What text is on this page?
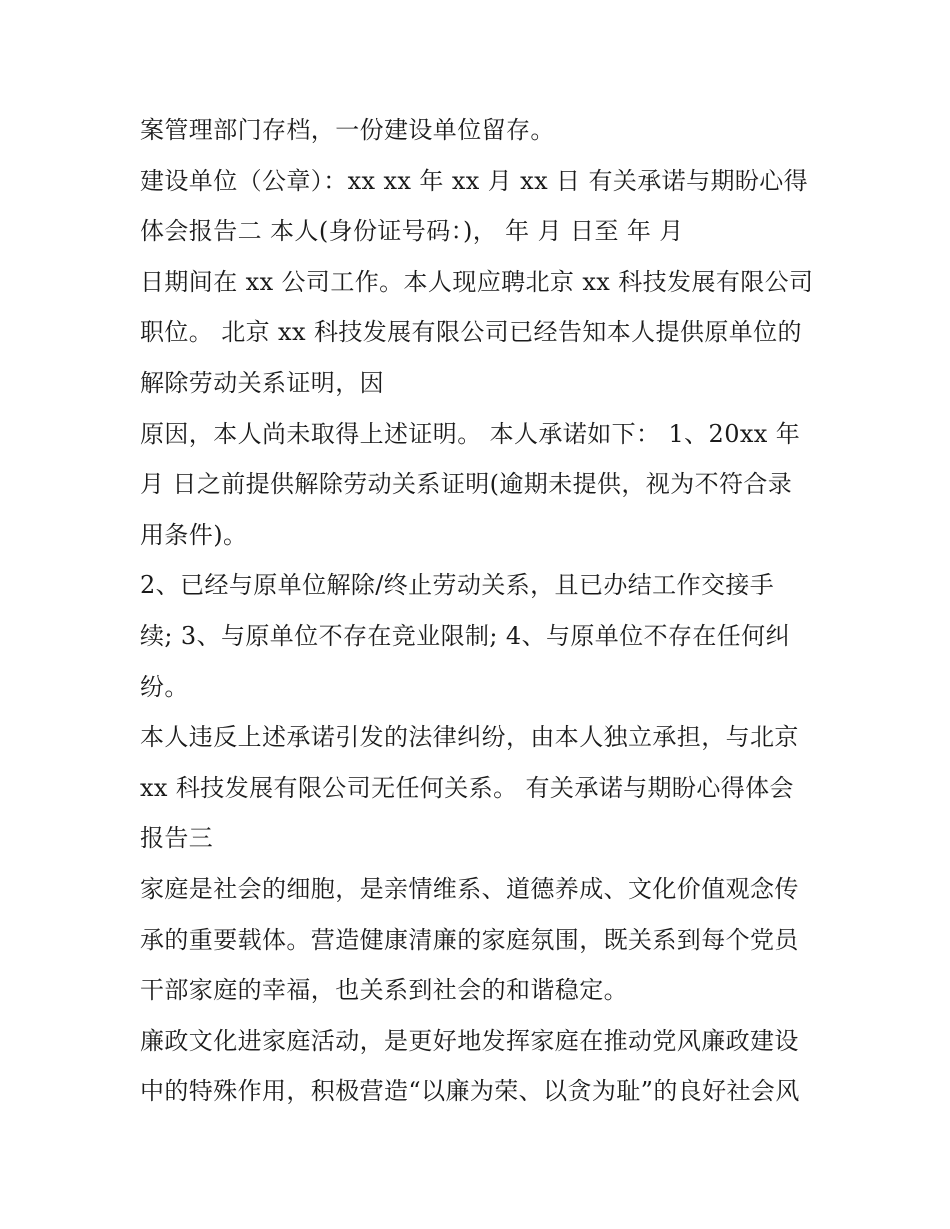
案管理部门存档，一份建设单位留存。
建设单位（公章）：xx xx 年 xx 月 xx 日 有关承诺与期盼心得
体会报告二 本人(身份证号码：)， 年 月 日至 年 月
日期间在 xx 公司工作。本人现应聘北京 xx 科技发展有限公司
职位。 北京 xx 科技发展有限公司已经告知本人提供原单位的
解除劳动关系证明，因
原因，本人尚未取得上述证明。 本人承诺如下： 1、20xx 年
月 日之前提供解除劳动关系证明(逾期未提供，视为不符合录
用条件)。
2、已经与原单位解除/终止劳动关系，且已办结工作交接手
续; 3、与原单位不存在竞业限制; 4、与原单位不存在任何纠
纷。
本人违反上述承诺引发的法律纠纷，由本人独立承担，与北京
xx 科技发展有限公司无任何关系。 有关承诺与期盼心得体会
报告三
家庭是社会的细胞，是亲情维系、道德养成、文化价值观念传
承的重要载体。营造健康清廉的家庭氛围，既关系到每个党员
干部家庭的幸福，也关系到社会的和谐稳定。
廉政文化进家庭活动，是更好地发挥家庭在推动党风廉政建设
中的特殊作用，积极营造“以廉为荣、以贪为耻”的良好社会风
